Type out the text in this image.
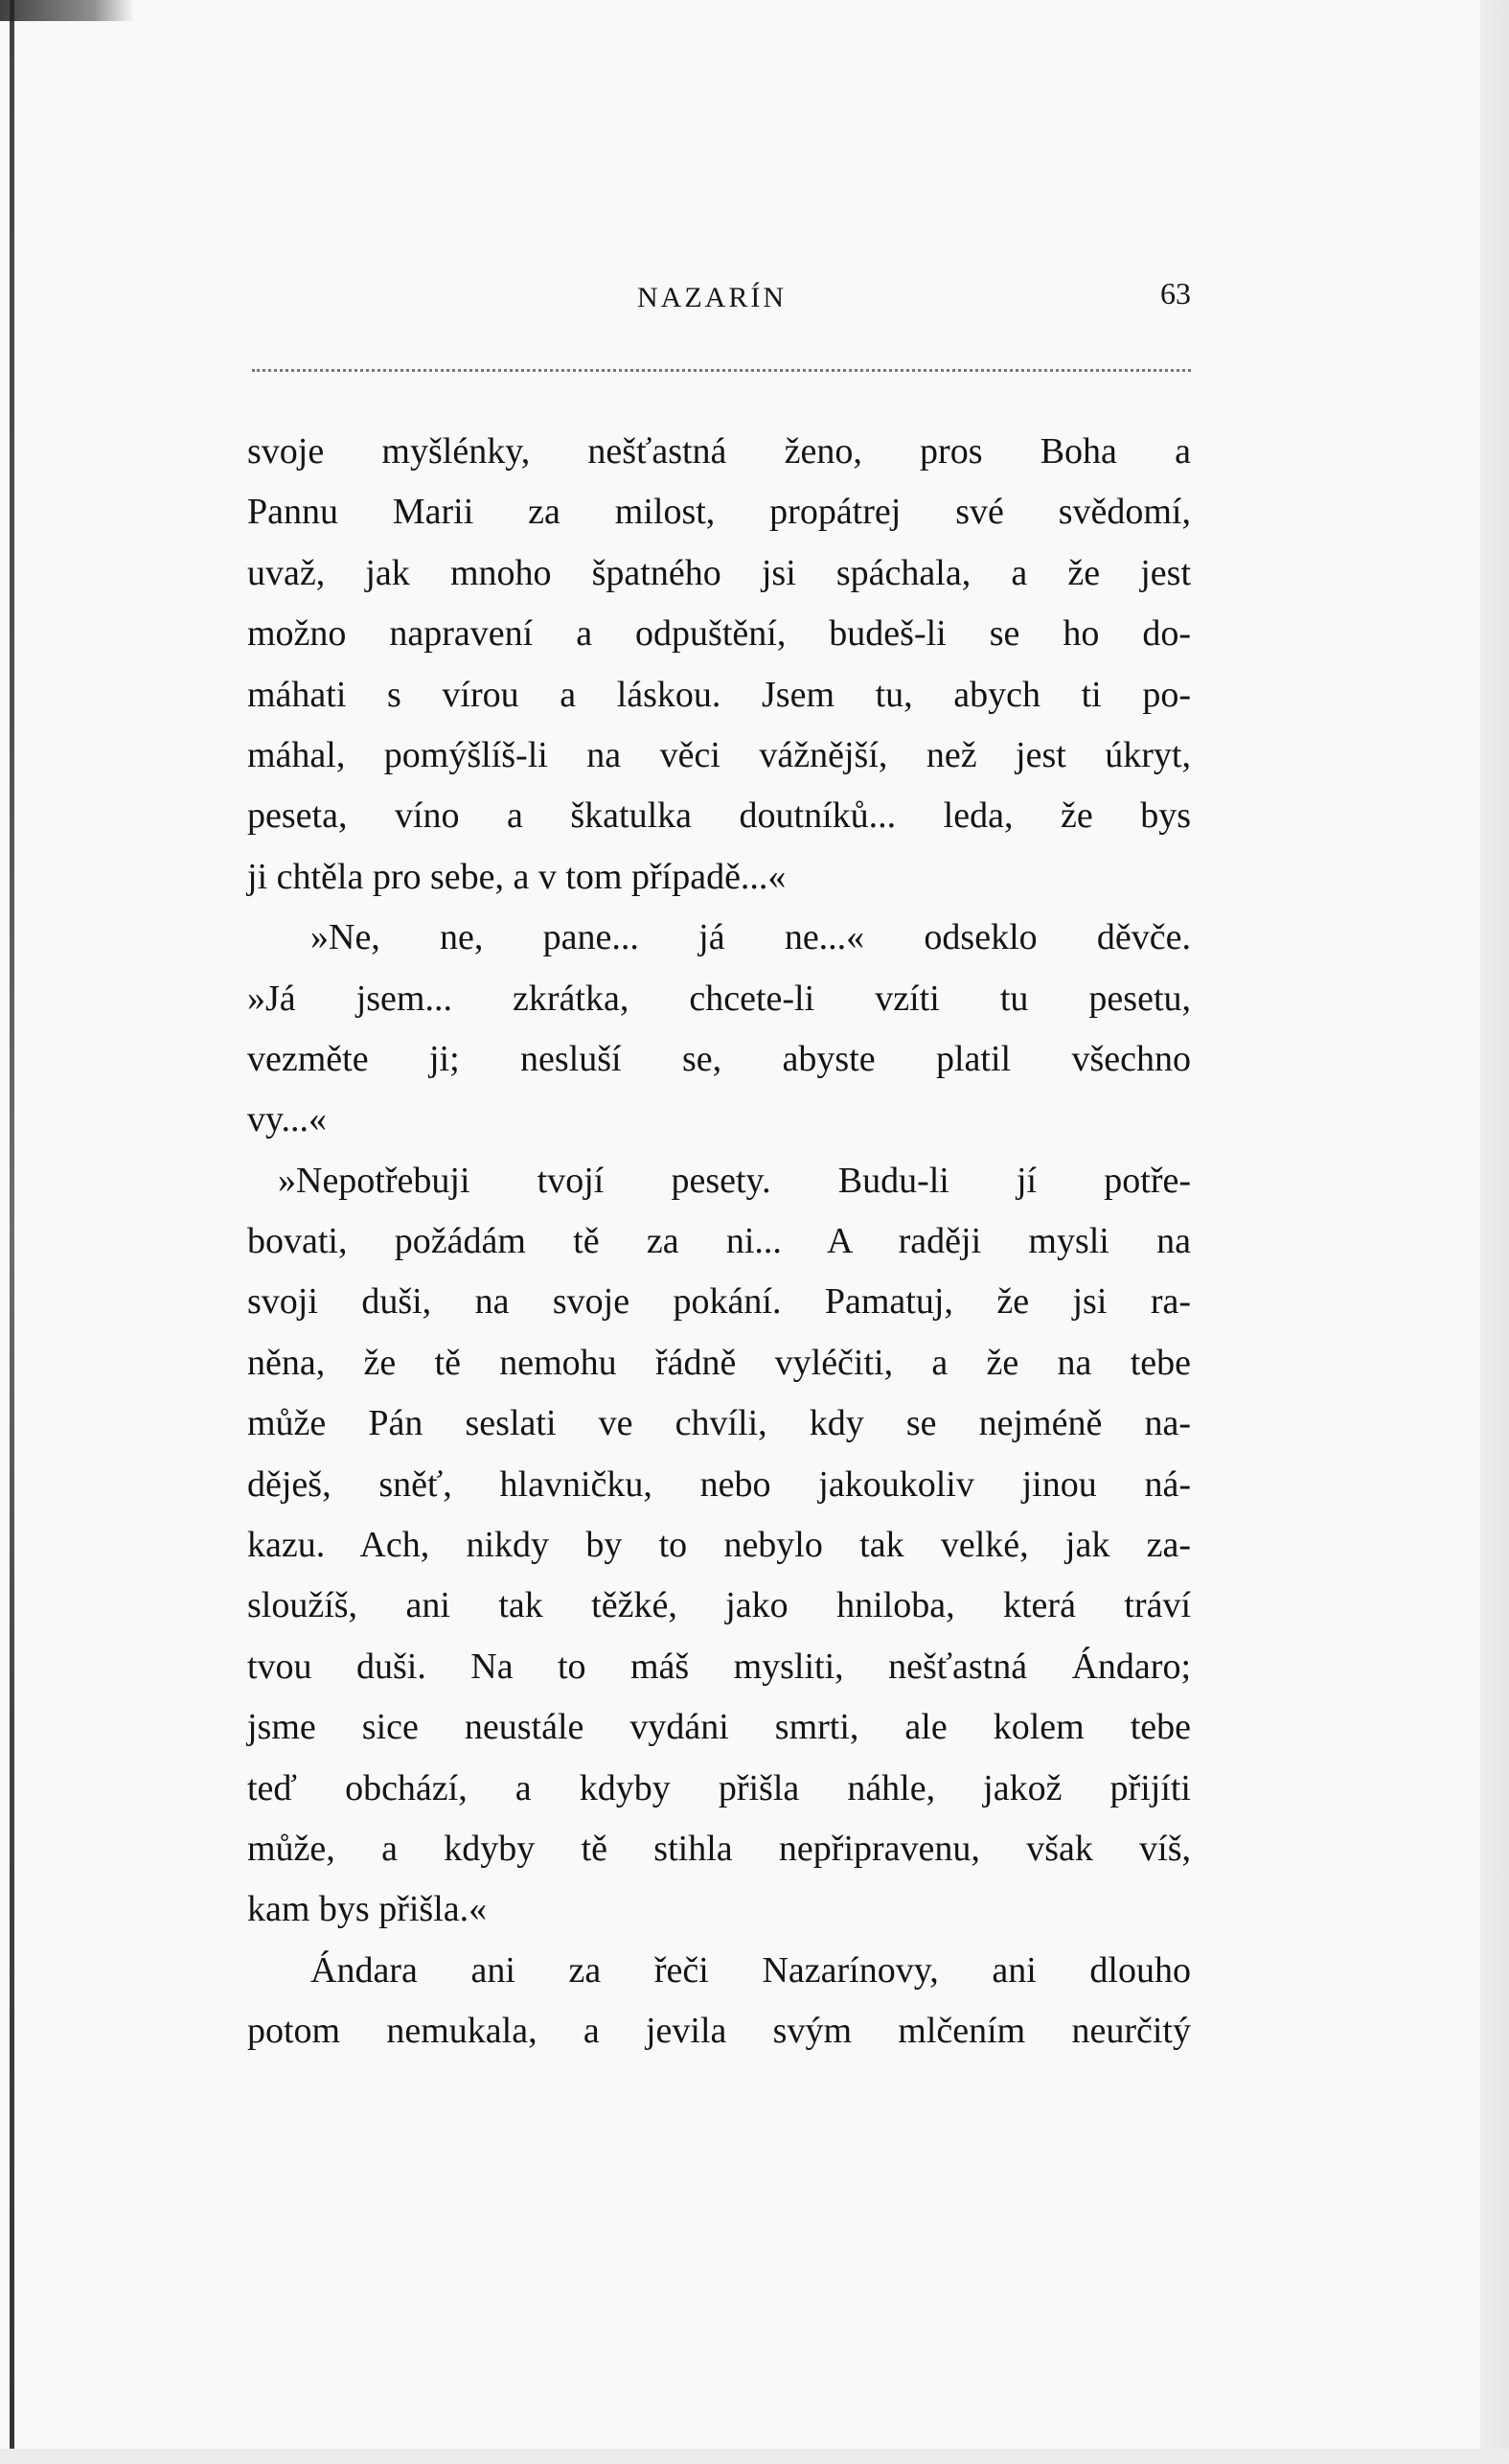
NAZARÍN	63
svoje myšlénky, nešťastná ženo, pros Boha a
Pannu Marii za milost, propátrej své svědomí,
uvaž, jak mnoho špatného jsi spáchala, a že jest
možno napravení a odpuštění, budeš-li se ho do-
máhati s vírou a láskou. Jsem tu, abych ti po-
máhal, pomýšlíš-li na věci vážnější, než jest úkryt,
peseta, víno a škatulka doutníků... leda, že bys
ji chtěla pro sebe, a v tom případě...«
»Ne, ne, pane... já ne...« odseklo děvče.
»Já jsem... zkrátka, chcete-li vzíti tu pesetu,
vezměte ji; nesluší se, abyste platil všechno
vy...«
»Nepotřebuji tvojí pesety. Budu-li jí potře-
bovati, požádám tě za ni... A raději mysli na
svoji duši, na svoje pokání. Pamatuj, že jsi ra-
něna, že tě nemohu řádně vyléčiti, a že na tebe
může Pán seslati ve chvíli, kdy se nejméně na-
děješ, sněť, hlavničku, nebo jakoukoliv jinou ná-
kazu. Ach, nikdy by to nebylo tak velké, jak za-
sloužíš, ani tak těžké, jako hniloba, která tráví
tvou duši. Na to máš mysliti, nešťastná Ándaro;
jsme sice neustále vydáni smrti, ale kolem tebe
teď obchází, a kdyby přišla náhle, jakož přijíti
může, a kdyby tě stihla nepřipravenu, však víš,
kam bys přišla.«
Ándara ani za řeči Nazarínovy, ani dlouho
potom nemukala, a jevila svým mlčením neurčitý
